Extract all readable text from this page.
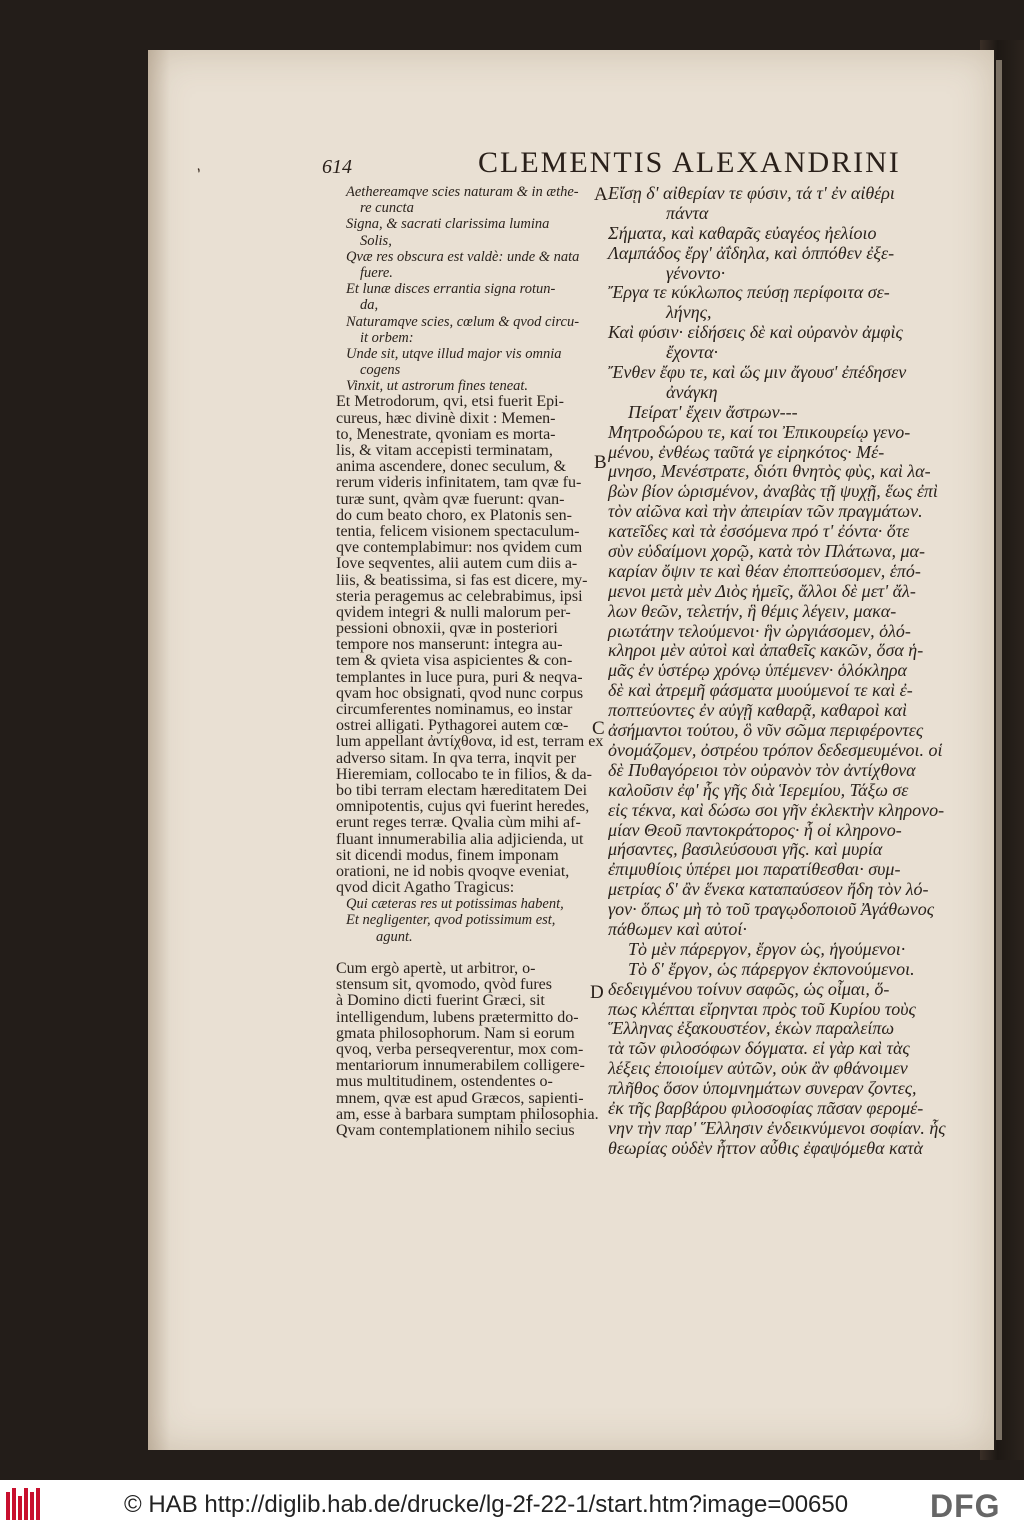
ʼ	614	CLEMENTIS ALEXANDRINI
Aethereamqve scies naturam & in æthe-
re cuncta
Signa, & sacrati clarissima lumina
Solis,
Qvæ res obscura est valdè: unde & nata
fuere.
Et lunæ disces errantia signa rotun-
da,
Naturamqve scies, cœlum & qvod circu-
it orbem:
Unde sit, utqve illud major vis omnia
cogens
Vinxit, ut astrorum fines teneat.
Et Metrodorum, qvi, etsi fuerit Epi-
cureus, hæc divinè dixit : Memen-
to, Menestrate, qvoniam es morta-
lis, & vitam accepisti terminatam,
anima ascendere, donec seculum, &
rerum videris infinitatem, tam qvæ fu-
turæ sunt, qvàm qvæ fuerunt: qvan-
do cum beato choro, ex Platonis sen-
tentia, felicem visionem spectaculum-
qve contemplabimur: nos qvidem cum
Iove seqventes, alii autem cum diis a-
liis, & beatissima, si fas est dicere, my-
steria peragemus ac celebrabimus, ipsi
qvidem integri & nulli malorum per-
pessioni obnoxii, qvæ in posteriori
tempore nos manserunt: integra au-
tem & qvieta visa aspicientes & con-
templantes in luce pura, puri & neqva-
qvam hoc obsignati, qvod nunc corpus
circumferentes nominamus, eo instar
ostrei alligati. Pythagorei autem cœ-
lum appellant ἀντίχθονα, id est, terram ex
adverso sitam. In qva terra, inqvit per
Hieremiam, collocabo te in filios, & da-
bo tibi terram electam hæreditatem Dei
omnipotentis, cujus qvi fuerint heredes,
erunt reges terræ. Qvalia cùm mihi af-
fluant innumerabilia alia adjicienda, ut
sit dicendi modus, finem imponam
orationi, ne id nobis qvoqve eveniat,
qvod dicit Agatho Tragicus:
Qui cæteras res ut potissimas habent,
Et negligenter, qvod potissimum est,
agunt.

Cum ergò apertè, ut arbitror, o-
stensum sit, qvomodo, qvòd fures
à Domino dicti fuerint Græci, sit
intelligendum, lubens prætermitto do-
gmata philosophorum. Nam si eorum
qvoq, verba persеqverentur, mox com-
mentariorum innumerabilem colligere-
mus multitudinem, ostendentes o-
mnem, qvæ est apud Græcos, sapienti-
am, esse à barbara sumptam philosophia.
Qvam contemplationem nihilo secius
Εἴσῃ δ' αἰθερίαν τε φύσιν, τά τ' ἐν αἰθέρι
πάντα
Σήματα, καὶ καθαρᾶς εὐαγέος ἠελίοιο
Λαμπάδος ἔργ' ἀΐδηλα, καὶ ὁππόθεν ἐξε-
γένοντο·
Ἔργα τε κύκλωπος πεύσῃ περίφοιτα σε-
λήνης,
Καὶ φύσιν· εἰδήσεις δὲ καὶ οὐρανὸν ἀμφὶς
ἔχοντα·
Ἔνθεν ἔφυ τε, καὶ ὥς μιν ἄγουσ' ἐπέδησεν
ἀνάγκη
Πείρατ' ἔχειν ἄστρων---
Μητροδώρου τε, καί τοι Ἐπικουρείῳ γενο-
μένου, ἐνθέως ταῦτά γε εἰρηκότος· Μέ-
μνησο, Μενέστρατε, διότι θνητὸς φὺς, καὶ λα-
βὼν βίον ὡρισμένον, ἀναβὰς τῇ ψυχῇ, ἕως ἐπὶ
τὸν αἰῶνα καὶ τὴν ἀπειρίαν τῶν πραγμάτων.
κατεῖδες καὶ τὰ ἐσσόμενα πρό τ' ἐόντα· ὅτε
σὺν εὐδαίμονι χορῷ, κατὰ τὸν Πλάτωνα, μα-
καρίαν ὄψιν τε καὶ θέαν ἐποπτεύσομεν, ἑπό-
μενοι μετὰ μὲν Διὸς ἡμεῖς, ἄλλοι δὲ μετ' ἄλ-
λων θεῶν, τελετήν, ἣ θέμις λέγειν, μακα-
ριωτάτην τελούμενοι· ἣν ὠργιάσομεν, ὁλό-
κληροι μὲν αὐτοὶ καὶ ἀπαθεῖς κακῶν, ὅσα ἡ-
μᾶς ἐν ὑστέρῳ χρόνῳ ὑπέμενεν· ὁλόκληρα
δὲ καὶ ἀτρεμῆ φάσματα μυούμενοί τε καὶ ἐ-
ποπτεύοντες ἐν αὐγῇ καθαρᾷ, καθαροὶ καὶ
ἀσήμαντοι τούτου, ὃ νῦν σῶμα περιφέροντες
ὀνομάζομεν, ὀστρέου τρόπον δεδεσμευμένοι. οἱ
δὲ Πυθαγόρειοι τὸν οὐρανὸν τὸν ἀντίχθονα
καλοῦσιν ἐφ' ἧς γῆς διὰ Ἱερεμίου, Τάξω σε
εἰς τέκνα, καὶ δώσω σοι γῆν ἐκλεκτὴν κληρονο-
μίαν Θεοῦ παντοκράτορος· ἧ οἱ κληρονο-
μήσαντες, βασιλεύσουσι γῆς. καὶ μυρία
ἐπιμυθίοις ὑπέρει μοι παρατίθεσθαι· συμ-
μετρίας δ' ἂν ἕνεκα καταπαύσεον ἤδη τὸν λό-
γον· ὅπως μὴ τὸ τοῦ τραγῳδοποιοῦ Ἀγάθωνος
πάθωμεν καὶ αὐτοί·
Τὸ μὲν πάρεργον, ἔργον ὡς, ἡγούμενοι·
Τὸ δ' ἔργον, ὡς πάρεργον ἐκπονούμενοι.
δεδειγμένου τοίνυν σαφῶς, ὡς οἶμαι, ὅ-
πως κλέπται εἴρηνται πρὸς τοῦ Κυρίου τοὺς
Ἕλληνας ἐξακουστέον, ἑκὼν παραλείπω
τὰ τῶν φιλοσόφων δόγματα. εἰ γὰρ καὶ τὰς
λέξεις ἐποιοίμεν αὐτῶν, οὐκ ἂν φθάνοιμεν
πλῆθος ὅσον ὑπομνημάτων συνεραν ζοντες,
ἐκ τῆς βαρβάρου φιλοσοφίας πᾶσαν φερομέ-
νην τὴν παρ' Ἕλλησιν ἐνδεικνύμενοι σοφίαν. ἧς
θεωρίας οὐδὲν ἧττον αὖθις ἐφαψόμεθα κατὰ
A
B
C
D
© HAB http://diglib.hab.de/drucke/lg-2f-22-1/start.htm?image=00650	DFG
